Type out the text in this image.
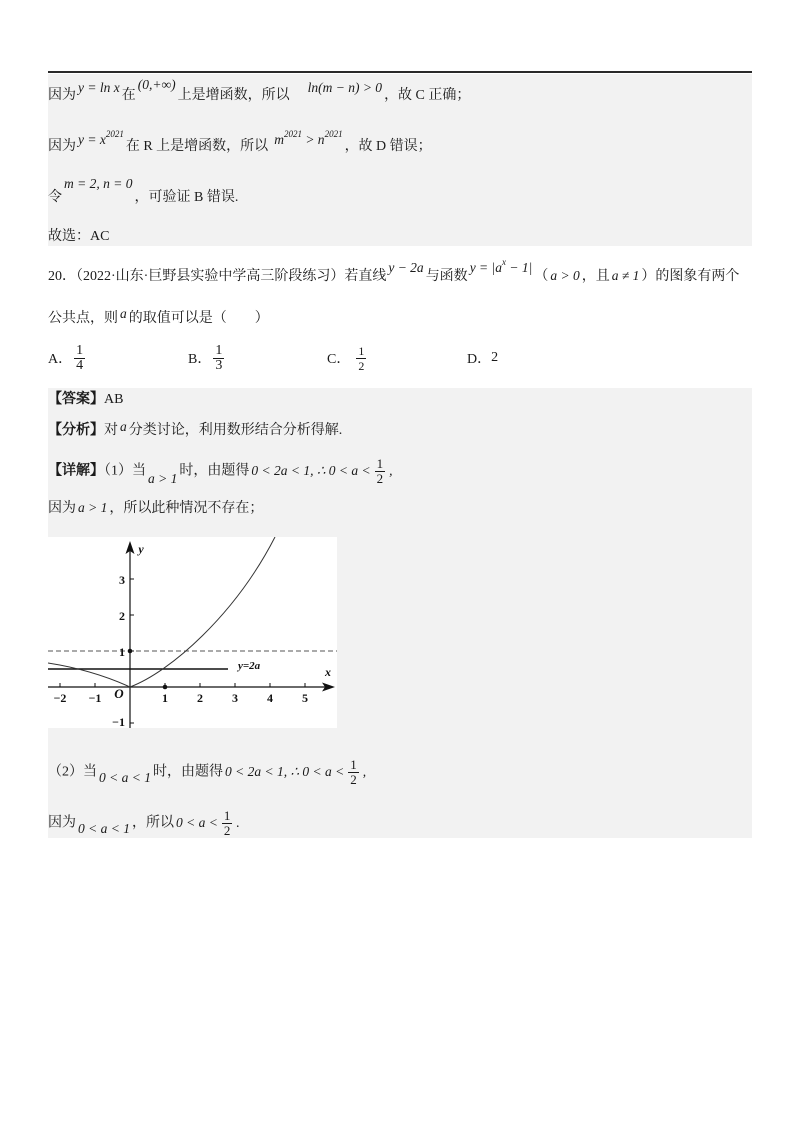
因为y = ln x在(0,+∞)上是增函数，所以ln(m − n) > 0，故 C 正确；
因为 $y = x^{2021}$在 R 上是增函数，所以 $m^{2021} > n^{2021}$，故 D 错误；
令m = 2, n = 0，可验证 B 错误.
故选：AC
20．（2022·山东·巨野县实验中学高三阶段练习）若直线y − 2a与函数$y = |a^x - 1|$（ a > 0 ，且 a ≠ 1 ）的图象有两个
公共点，则 a 的取值可以是（　　）
A． $\frac{1}{4}$	B． $\frac{1}{3}$	C． $\frac{1}{2}$	D． 2
【答案】AB
【分析】对 a 分类讨论，利用数形结合分析得解.
【详解】（1）当 a > 1 时，由题得 0 < 2a < 1, ∴ $0 < a < \frac{1}{2}$ ,
因为 a > 1 ，所以此种情况不存在；
−2 −1	1 2 3 4 5
3
2
1
−1
O
x
y
y=2a
（2）当 0 < a < 1 时，由题得 0 < 2a < 1, ∴ $0 < a < \frac{1}{2}$ ,
因为 0 < a < 1 ，所以 $0 < a < \frac{1}{2}$ .
